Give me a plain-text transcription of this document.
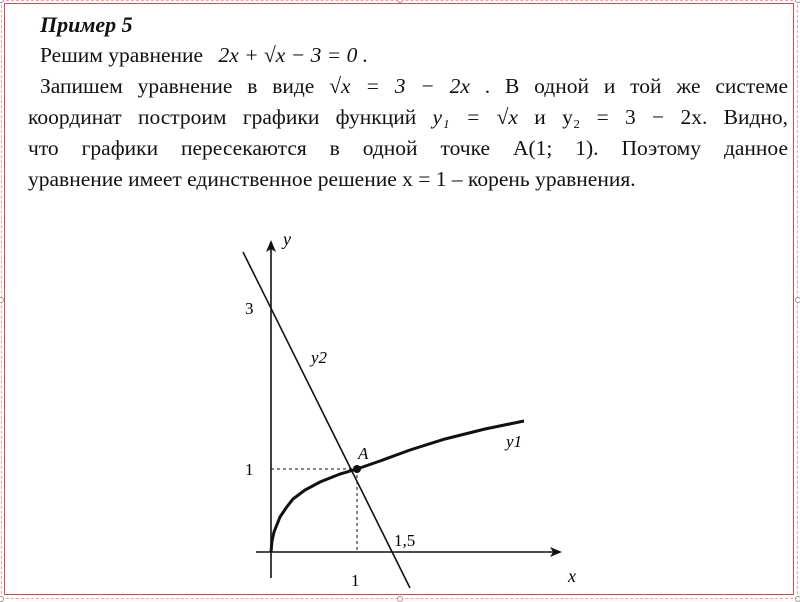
Пример 5
Решим уравнение 2x + √x − 3 = 0 .
Запишем уравнение в виде √x = 3 − 2x . В одной и той же системе
координат построим графики функций y₁ = √x и y₂ = 3 − 2x. Видно,
что графики пересекаются в одной точке A(1; 1). Поэтому данное
уравнение имеет единственное решение x = 1 – корень уравнения.
y
x
3
1
1
1,5
A
y1
y2
